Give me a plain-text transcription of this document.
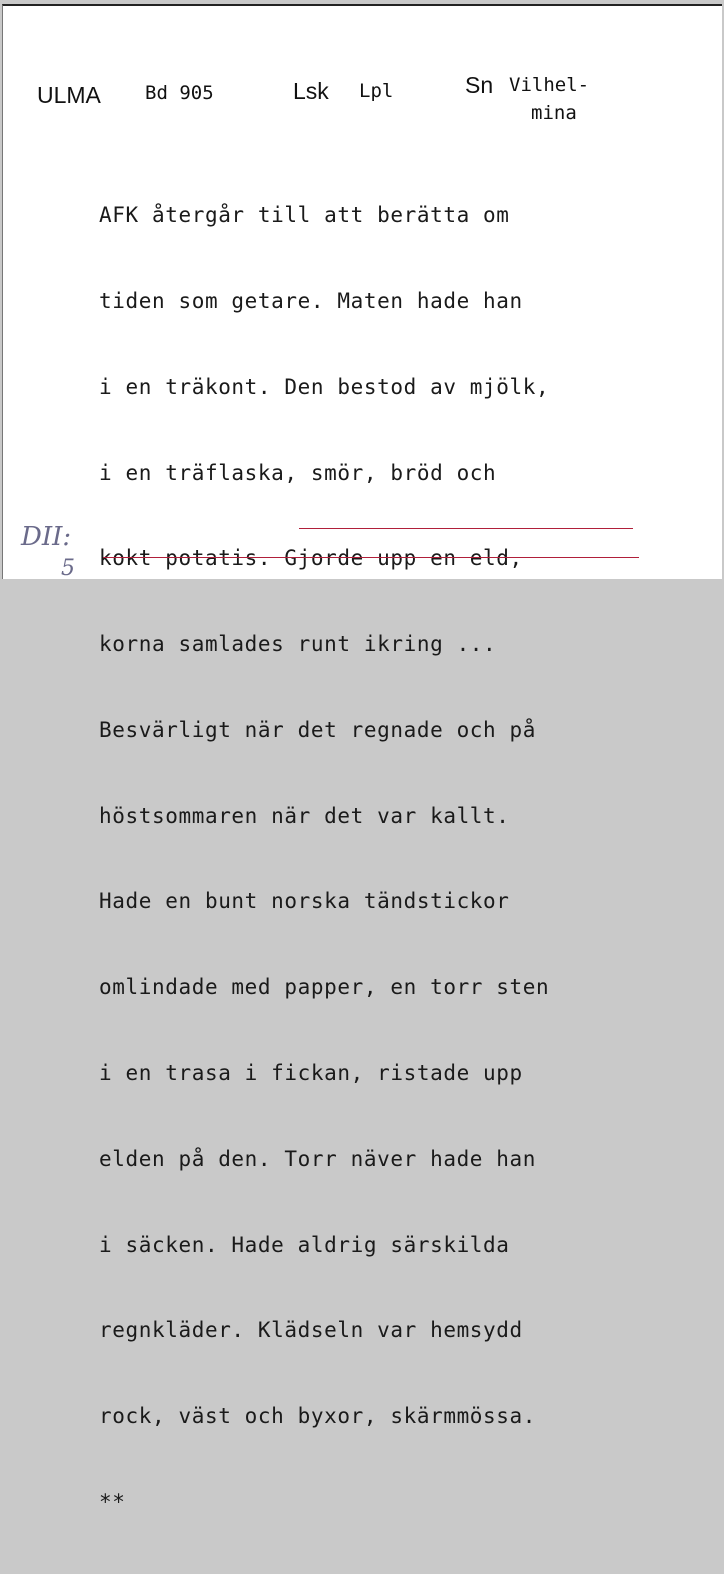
ULMA Bd 905	Lsk Lpl	Sn Vilhel-
mina

AFK återgår till att berätta om

tiden som getare. Maten hade han

i en träkont. Den bestod av mjölk,

i en träflaska, smör, bröd och

kokt potatis. Gjorde upp en eld,

korna samlades runt ikring ...

Besvärligt när det regnade och på

höstsommaren när det var kallt.

Hade en bunt norska tändstickor

omlindade med papper, en torr sten

i en trasa i fickan, ristade upp

elden på den. Torr näver hade han

i säcken. Hade aldrig särskilda

regnkläder. Klädseln var hemsydd

rock, väst och byxor, skärmmössa.

**

DII:
5
